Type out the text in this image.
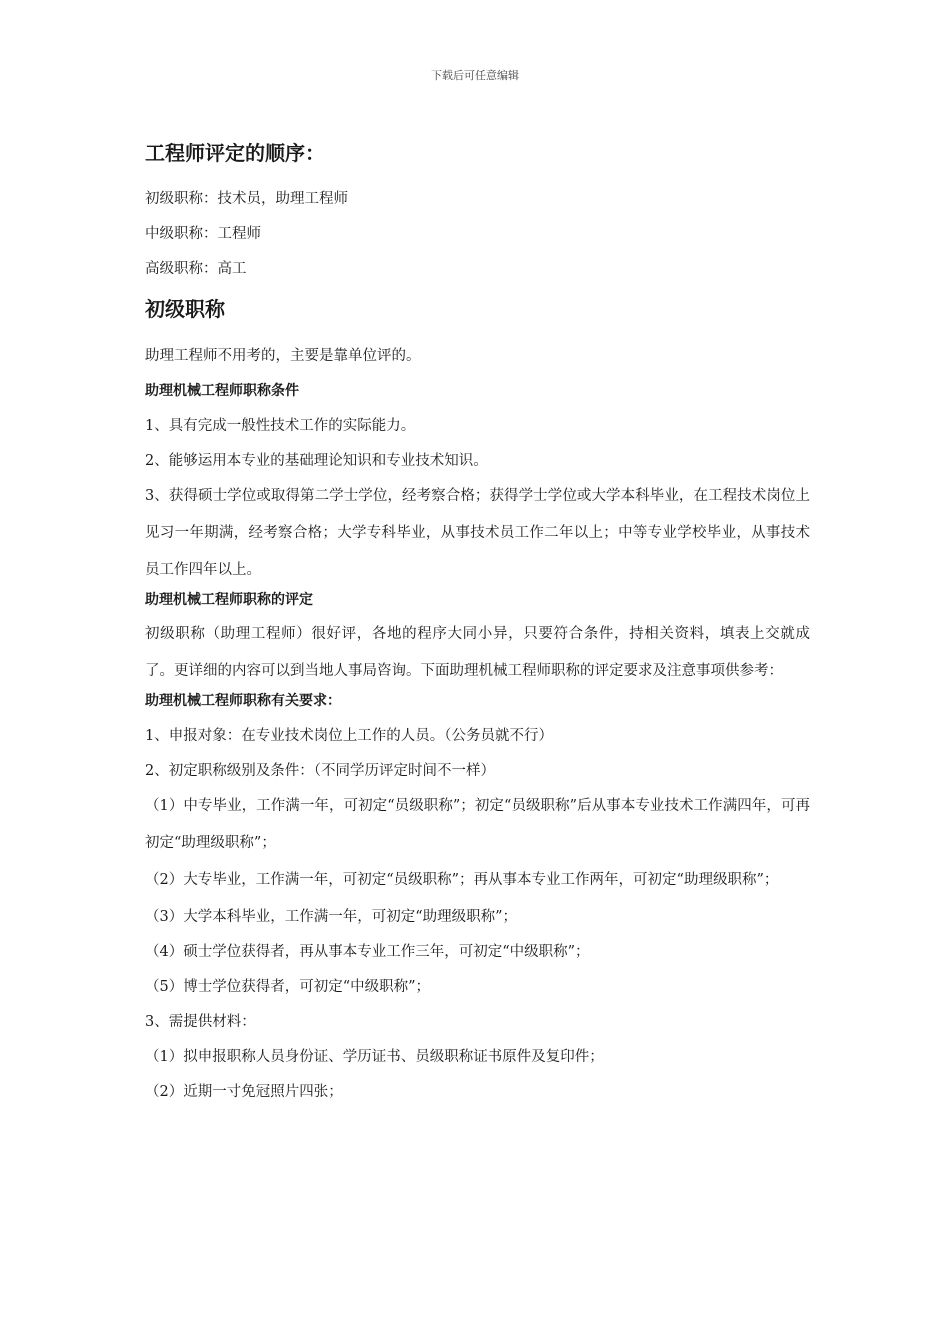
下载后可任意编辑
工程师评定的顺序：

初级职称：技术员，助理工程师

中级职称：工程师

高级职称：高工

初级职称

助理工程师不用考的，主要是靠单位评的。

助理机械工程师职称条件

1、具有完成一般性技术工作的实际能力。

2、能够运用本专业的基础理论知识和专业技术知识。

3、获得硕士学位或取得第二学士学位，经考察合格；获得学士学位或大学本科毕业，在工程技术岗位上见习一年期满，经考察合格；大学专科毕业，从事技术员工作二年以上；中等专业学校毕业，从事技术员工作四年以上。

助理机械工程师职称的评定

初级职称（助理工程师）很好评，各地的程序大同小异，只要符合条件，持相关资料，填表上交就成了。更详细的内容可以到当地人事局咨询。下面助理机械工程师职称的评定要求及注意事项供参考：

助理机械工程师职称有关要求：

1、申报对象：在专业技术岗位上工作的人员。（公务员就不行）

2、初定职称级别及条件：（不同学历评定时间不一样）

（1）中专毕业，工作满一年，可初定“员级职称”；初定“员级职称”后从事本专业技术工作满四年，可再初定“助理级职称”；

（2）大专毕业，工作满一年，可初定“员级职称”；再从事本专业工作两年，可初定“助理级职称”；

（3）大学本科毕业，工作满一年，可初定“助理级职称”；

（4）硕士学位获得者，再从事本专业工作三年，可初定“中级职称”；

（5）博士学位获得者，可初定“中级职称”；

3、需提供材料：

（1）拟申报职称人员身份证、学历证书、员级职称证书原件及复印件；

（2）近期一寸免冠照片四张；
